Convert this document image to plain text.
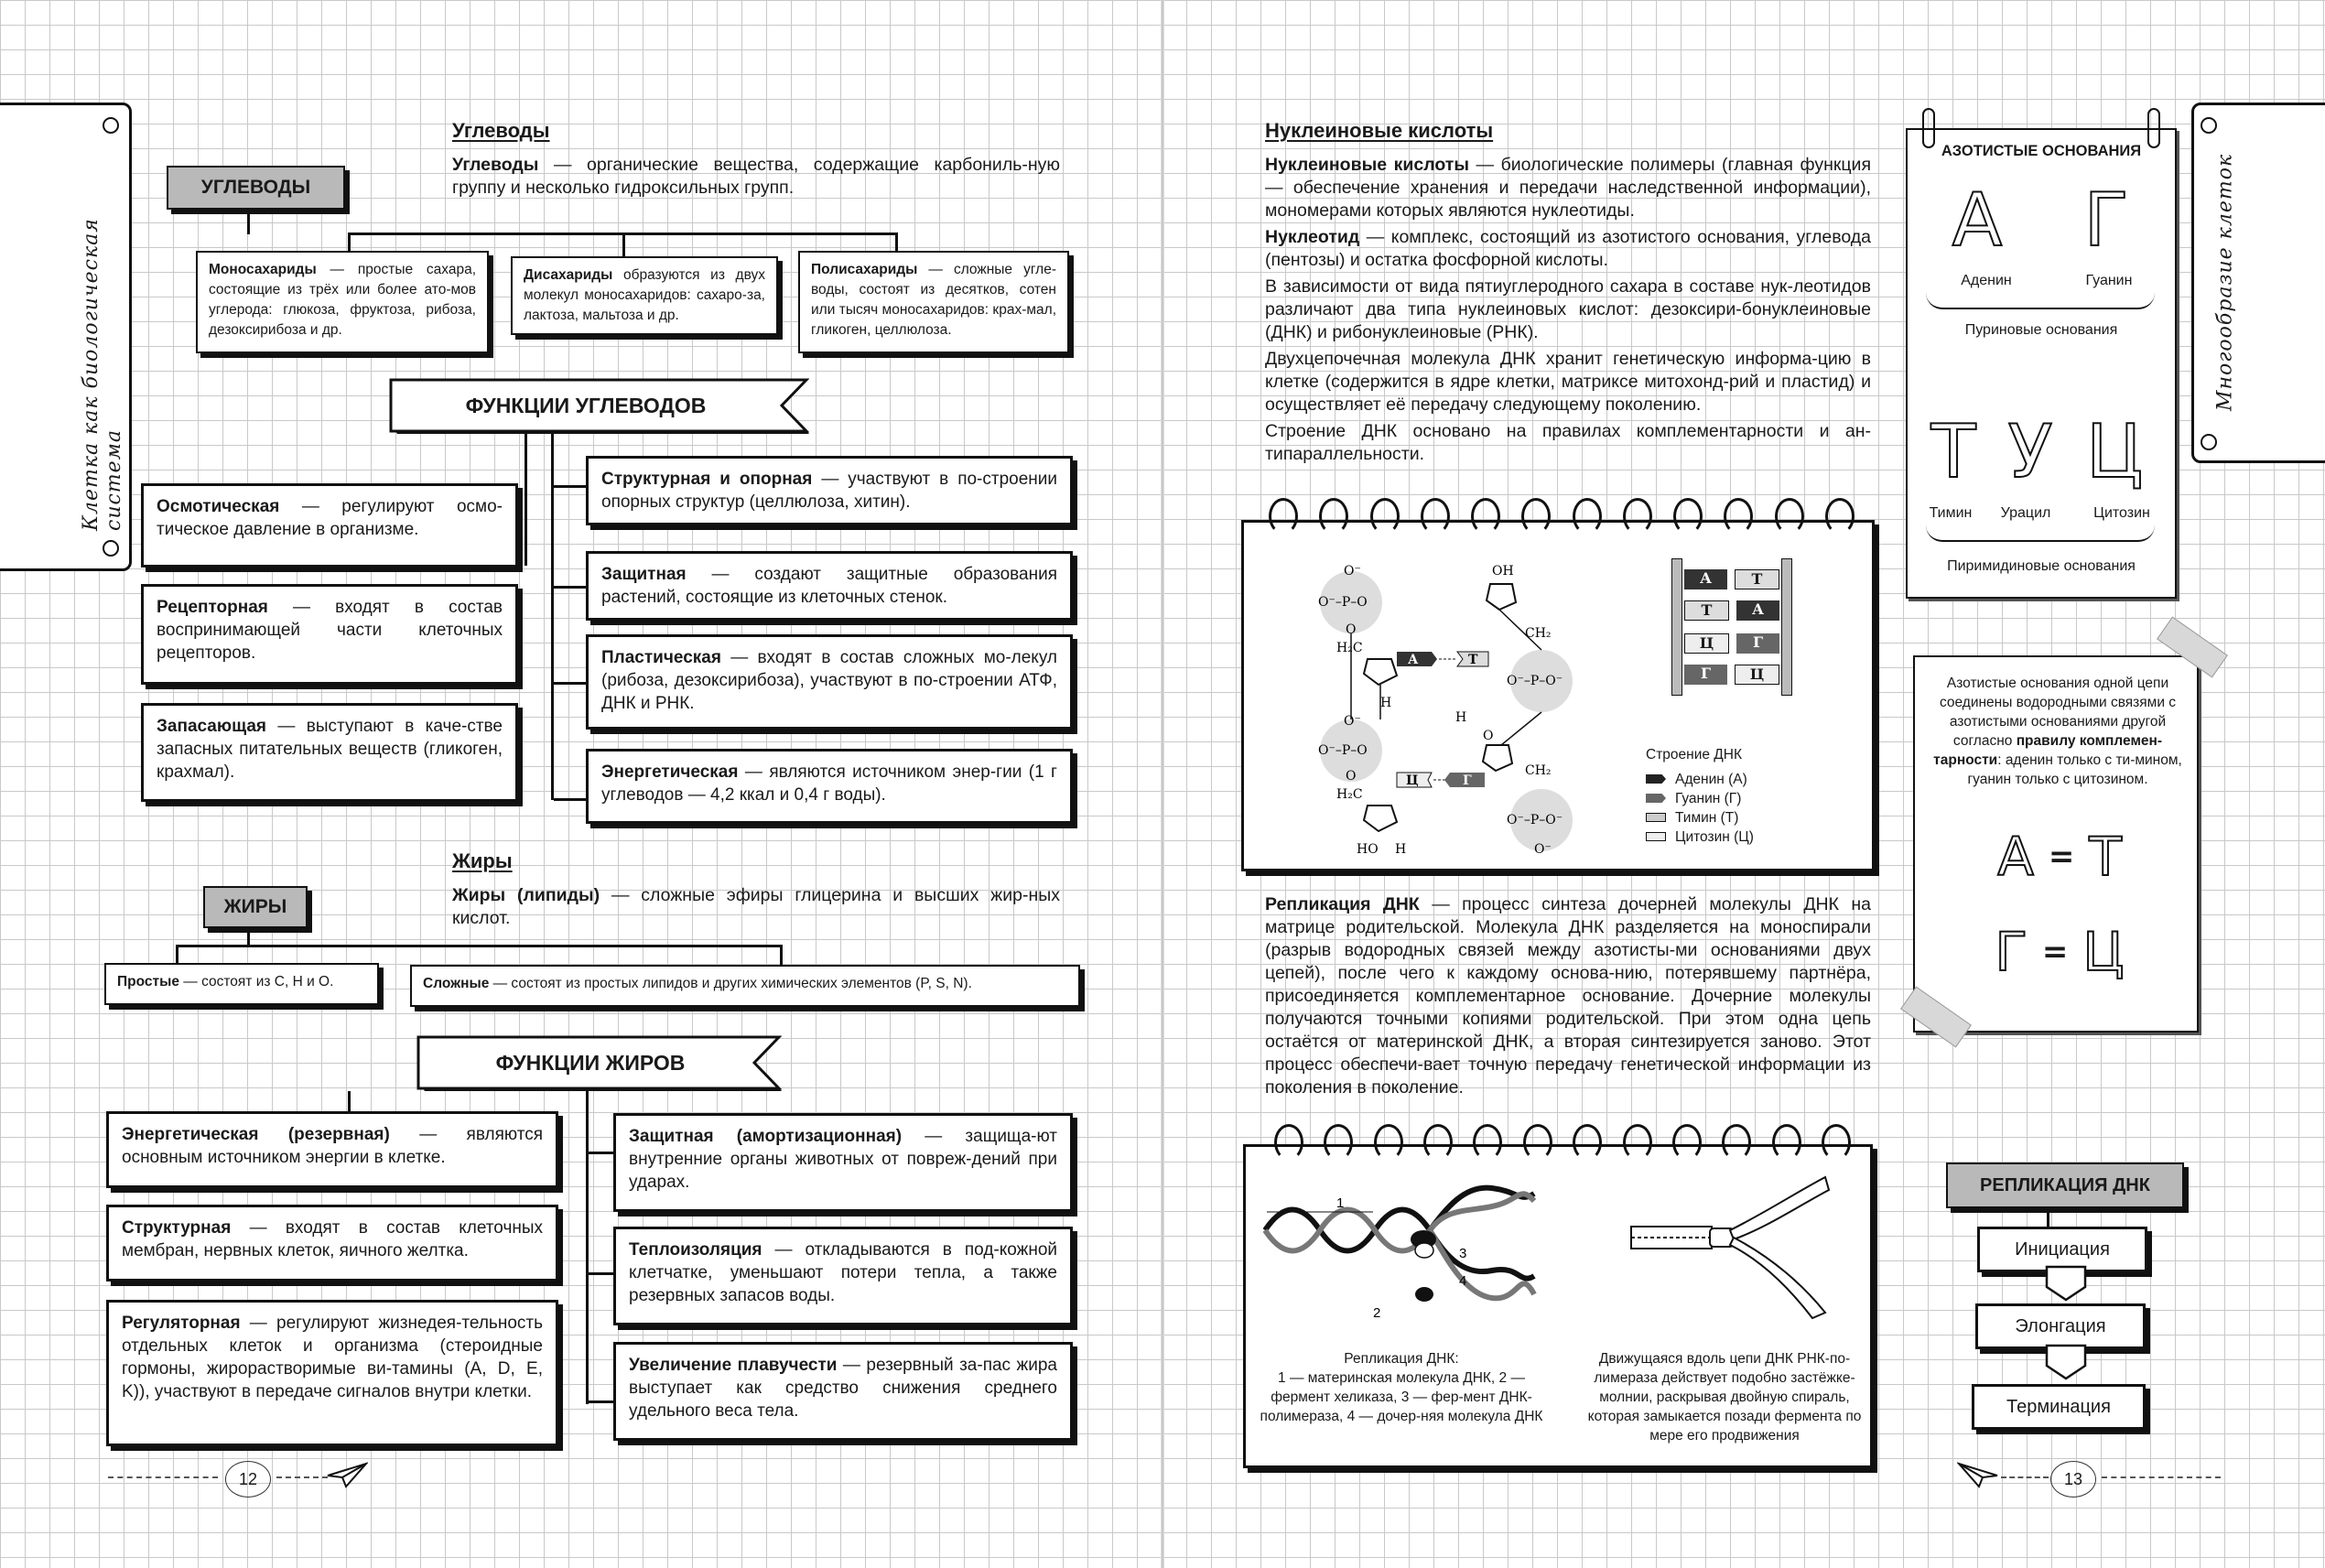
Клетка как биологическая система
Углеводы
Углеводы — органические вещества, содержащие карбониль-ную группу и несколько гидроксильных групп.
УГЛЕВОДЫ
Моносахариды — простые сахара, состоящие из трёх или более ато-мов углерода: глюкоза, фруктоза, рибоза, дезоксирибоза и др.
Дисахариды образуются из двух молекул моносахаридов: сахаро-за, лактоза, мальтоза и др.
Полисахариды — сложные угле-воды, состоят из десятков, сотен или тысяч моносахаридов: крах-мал, гликоген, целлюлоза.
ФУНКЦИИ УГЛЕВОДОВ
Осмотическая — регулируют осмо-тическое давление в организме.
Рецепторная — входят в состав воспринимающей части клеточных рецепторов.
Запасающая — выступают в каче-стве запасных питательных веществ (гликоген, крахмал).
Структурная и опорная — участвуют в по-строении опорных структур (целлюлоза, хитин).
Защитная — создают защитные образования растений, состоящие из клеточных стенок.
Пластическая — входят в состав сложных мо-лекул (рибоза, дезоксирибоза), участвуют в по-строении АТФ, ДНК и РНК.
Энергетическая — являются источником энер-гии (1 г углеводов — 4,2 ккал и 0,4 г воды).
Жиры
Жиры (липиды) — сложные эфиры глицерина и высших жир-ных кислот.
ЖИРЫ
Простые — состоят из C, H и O.	Сложные — состоят из простых липидов и других химических элементов (P, S, N).
ФУНКЦИИ ЖИРОВ
Энергетическая (резервная) — являются основным источником энергии в клетке.
Структурная — входят в состав клеточных мембран, нервных клеток, яичного желтка.
Регуляторная — регулируют жизнедея-тельность отдельных клеток и организма (стероидные гормоны, жирорастворимые ви-тамины (A, D, E, K)), участвуют в передаче сигналов внутри клетки.
Защитная (амортизационная) — защища-ют внутренние органы животных от повреж-дений при ударах.
Теплоизоляция — откладываются в под-кожной клетчатке, уменьшают потери тепла, а также резервных запасов воды.
Увеличение плавучести — резервный за-пас жира выступает как средство снижения среднего удельного веса тела.
12
Нуклеиновые кислоты
Нуклеиновые кислоты — биологические полимеры (главная функция — обеспечение хранения и передачи наследственной информации), мономерами которых являются нуклеотиды.
Нуклеотид — комплекс, состоящий из азотистого основания, углевода (пентозы) и остатка фосфорной кислоты.
В зависимости от вида пятиуглеродного сахара в составе нук-леотидов различают два типа нуклеиновых кислот: дезоксири-бонуклеиновые (ДНК) и рибонуклеиновые (РНК).
Двухцепочечная молекула ДНК хранит генетическую информа-цию в клетке (содержится в ядре клетки, матриксе митохонд-рий и пластид) и осуществляет её передачу следующему поколению.
Строение ДНК основано на правилах комплементарности и ан-типараллельности.
O⁻
O⁻–P–O
O
H₂C
H
OH
CH₂
O⁻–P–O⁻
H
O⁻
O⁻–P–O
O
H₂C
O
CH₂
O⁻–P–O⁻
HO H	O⁻
А	Т
Ц	Г
А	Т
Т	А
Ц	Г
Г	Ц
Строение ДНК
Аденин (А)
Гуанин (Г)
Тимин (Т)
Цитозин (Ц)
Репликация ДНК — процесс синтеза дочерней молекулы ДНК на матрице родительской. Молекула ДНК разделяется на моноспирали (разрыв водородных связей между азотисты-ми основаниями двух цепей), после чего к каждому основа-нию, потерявшему партнёра, присоединяется комплементарное основание. Дочерние молекулы получаются точными копиями родительской. При этом одна цепь остаётся от материнской ДНК, а вторая синтезируется заново. Этот процесс обеспечи-вает точную передачу генетической информации из поколения в поколение.
1
2
3
4
Репликация ДНК:
1 — материнская молекула ДНК, 2 — фермент хеликаза, 3 — фер-мент ДНК-полимераза, 4 — дочер-няя молекула ДНК
Движущаяся вдоль цепи ДНК РНК-по-лимераза действует подобно застёжке-молнии, раскрывая двойную спираль, которая замыкается позади фермента по мере его продвижения
Многообразие клеток
АЗОТИСТЫЕ ОСНОВАНИЯ
А Г
Аденин	Гуанин
Пуриновые основания
Т У Ц
Тимин	Урацил	Цитозин
Пиримидиновые основания
Азотистые основания одной цепи соединены водородными связями с азотистыми основаниями другой согласно правилу комплемен-тарности: аденин только с ти-мином, гуанин только с цитозином.
А = Т
Г = Ц
РЕПЛИКАЦИЯ ДНК
Инициация
Элонгация
Терминация
13
